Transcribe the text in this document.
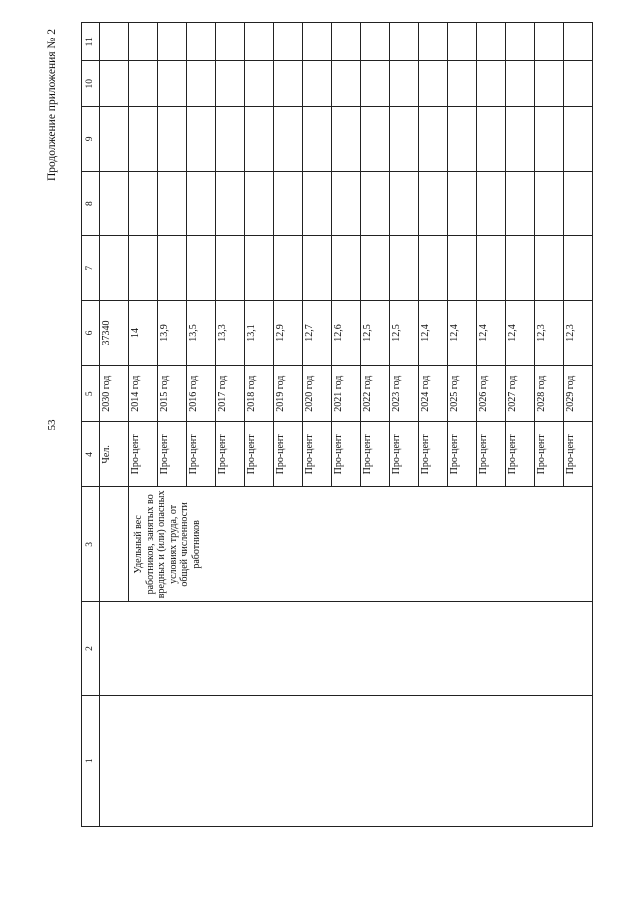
53
Продолжение приложения № 2
1	2	3	4	5	6	7	8	9	10	11
			Чел.	2030 год	37340					
		Удельный вес работников, занятых во вредных и (или) опасных условиях труда, от общей численности работников	Про-цент	2014 год	14					
			Про-цент	2015 год	13,9					
			Про-цент	2016 год	13,5					
			Про-цент	2017 год	13,3					
			Про-цент	2018 год	13,1					
			Про-цент	2019 год	12,9					
			Про-цент	2020 год	12,7					
			Про-цент	2021 год	12,6					
			Про-цент	2022 год	12,5					
			Про-цент	2023 год	12,5					
			Про-цент	2024 год	12,4					
			Про-цент	2025 год	12,4					
			Про-цент	2026 год	12,4					
			Про-цент	2027 год	12,4					
			Про-цент	2028 год	12,3					
			Про-цент	2029 год	12,3					
